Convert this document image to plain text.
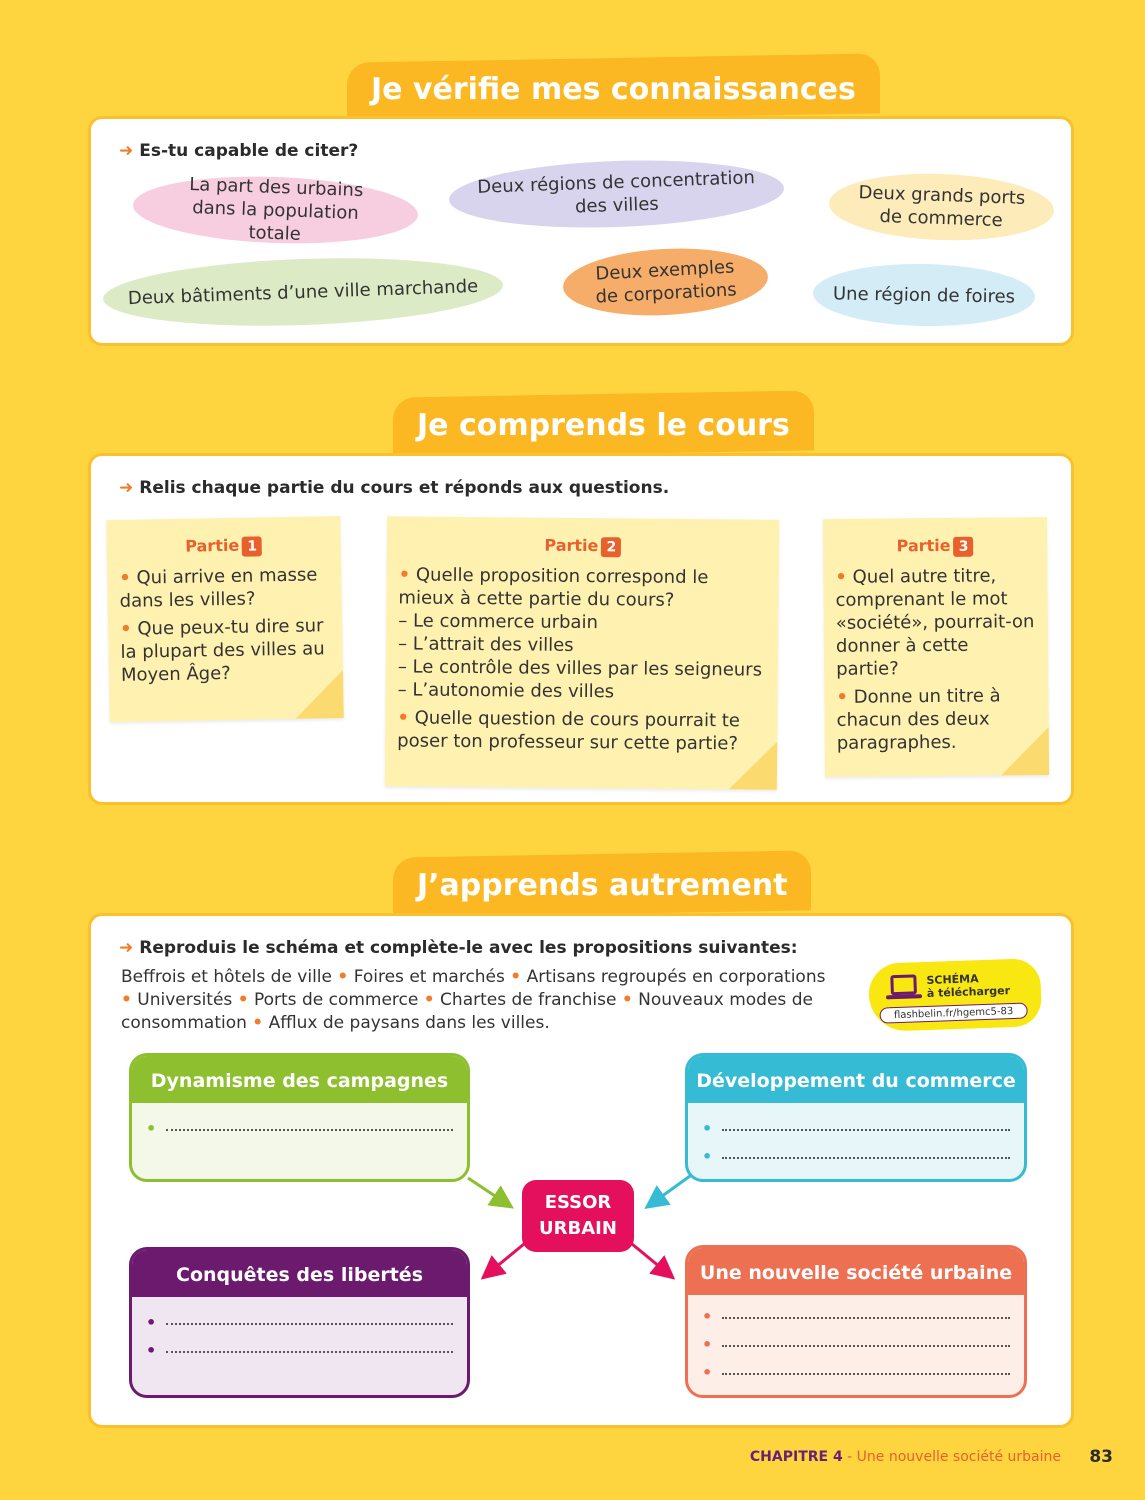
Je vérifie mes connaissances
➜ Es-tu capable de citer?
La part des urbains dans la population totale
Deux régions de concentration des villes	Deux grands ports de commerce
Deux bâtiments d’une ville marchande
Deux exemples de corporations	Une région de foires
Je comprends le cours
➜ Relis chaque partie du cours et réponds aux questions.
Partie 1
• Qui arrive en masse dans les villes?
• Que peux-tu dire sur la plupart des villes au Moyen Âge?
Partie 2
• Quelle proposition correspond le mieux à cette partie du cours?
– Le commerce urbain
– L’attrait des villes
– Le contrôle des villes par les seigneurs
– L’autonomie des villes
• Quelle question de cours pourrait te poser ton professeur sur cette partie?
Partie 3
• Quel autre titre, comprenant le mot «société», pourrait-on donner à cette partie?
• Donne un titre à chacun des deux paragraphes.
J’apprends autrement
➜ Reproduis le schéma et complète-le avec les propositions suivantes:
Beffrois et hôtels de ville • Foires et marchés • Artisans regroupés en corporations • Universités • Ports de commerce • Chartes de franchise • Nouveaux modes de consommation • Afflux de paysans dans les villes.
SCHÉMA
à télécharger
flashbelin.fr/hgemc5-83
Dynamisme des campagnes
•
Développement du commerce
•
•
Conquêtes des libertés
•
•
Une nouvelle société urbaine
•
•
•
ESSOR
URBAIN
CHAPITRE 4 - Une nouvelle société urbaine 83
